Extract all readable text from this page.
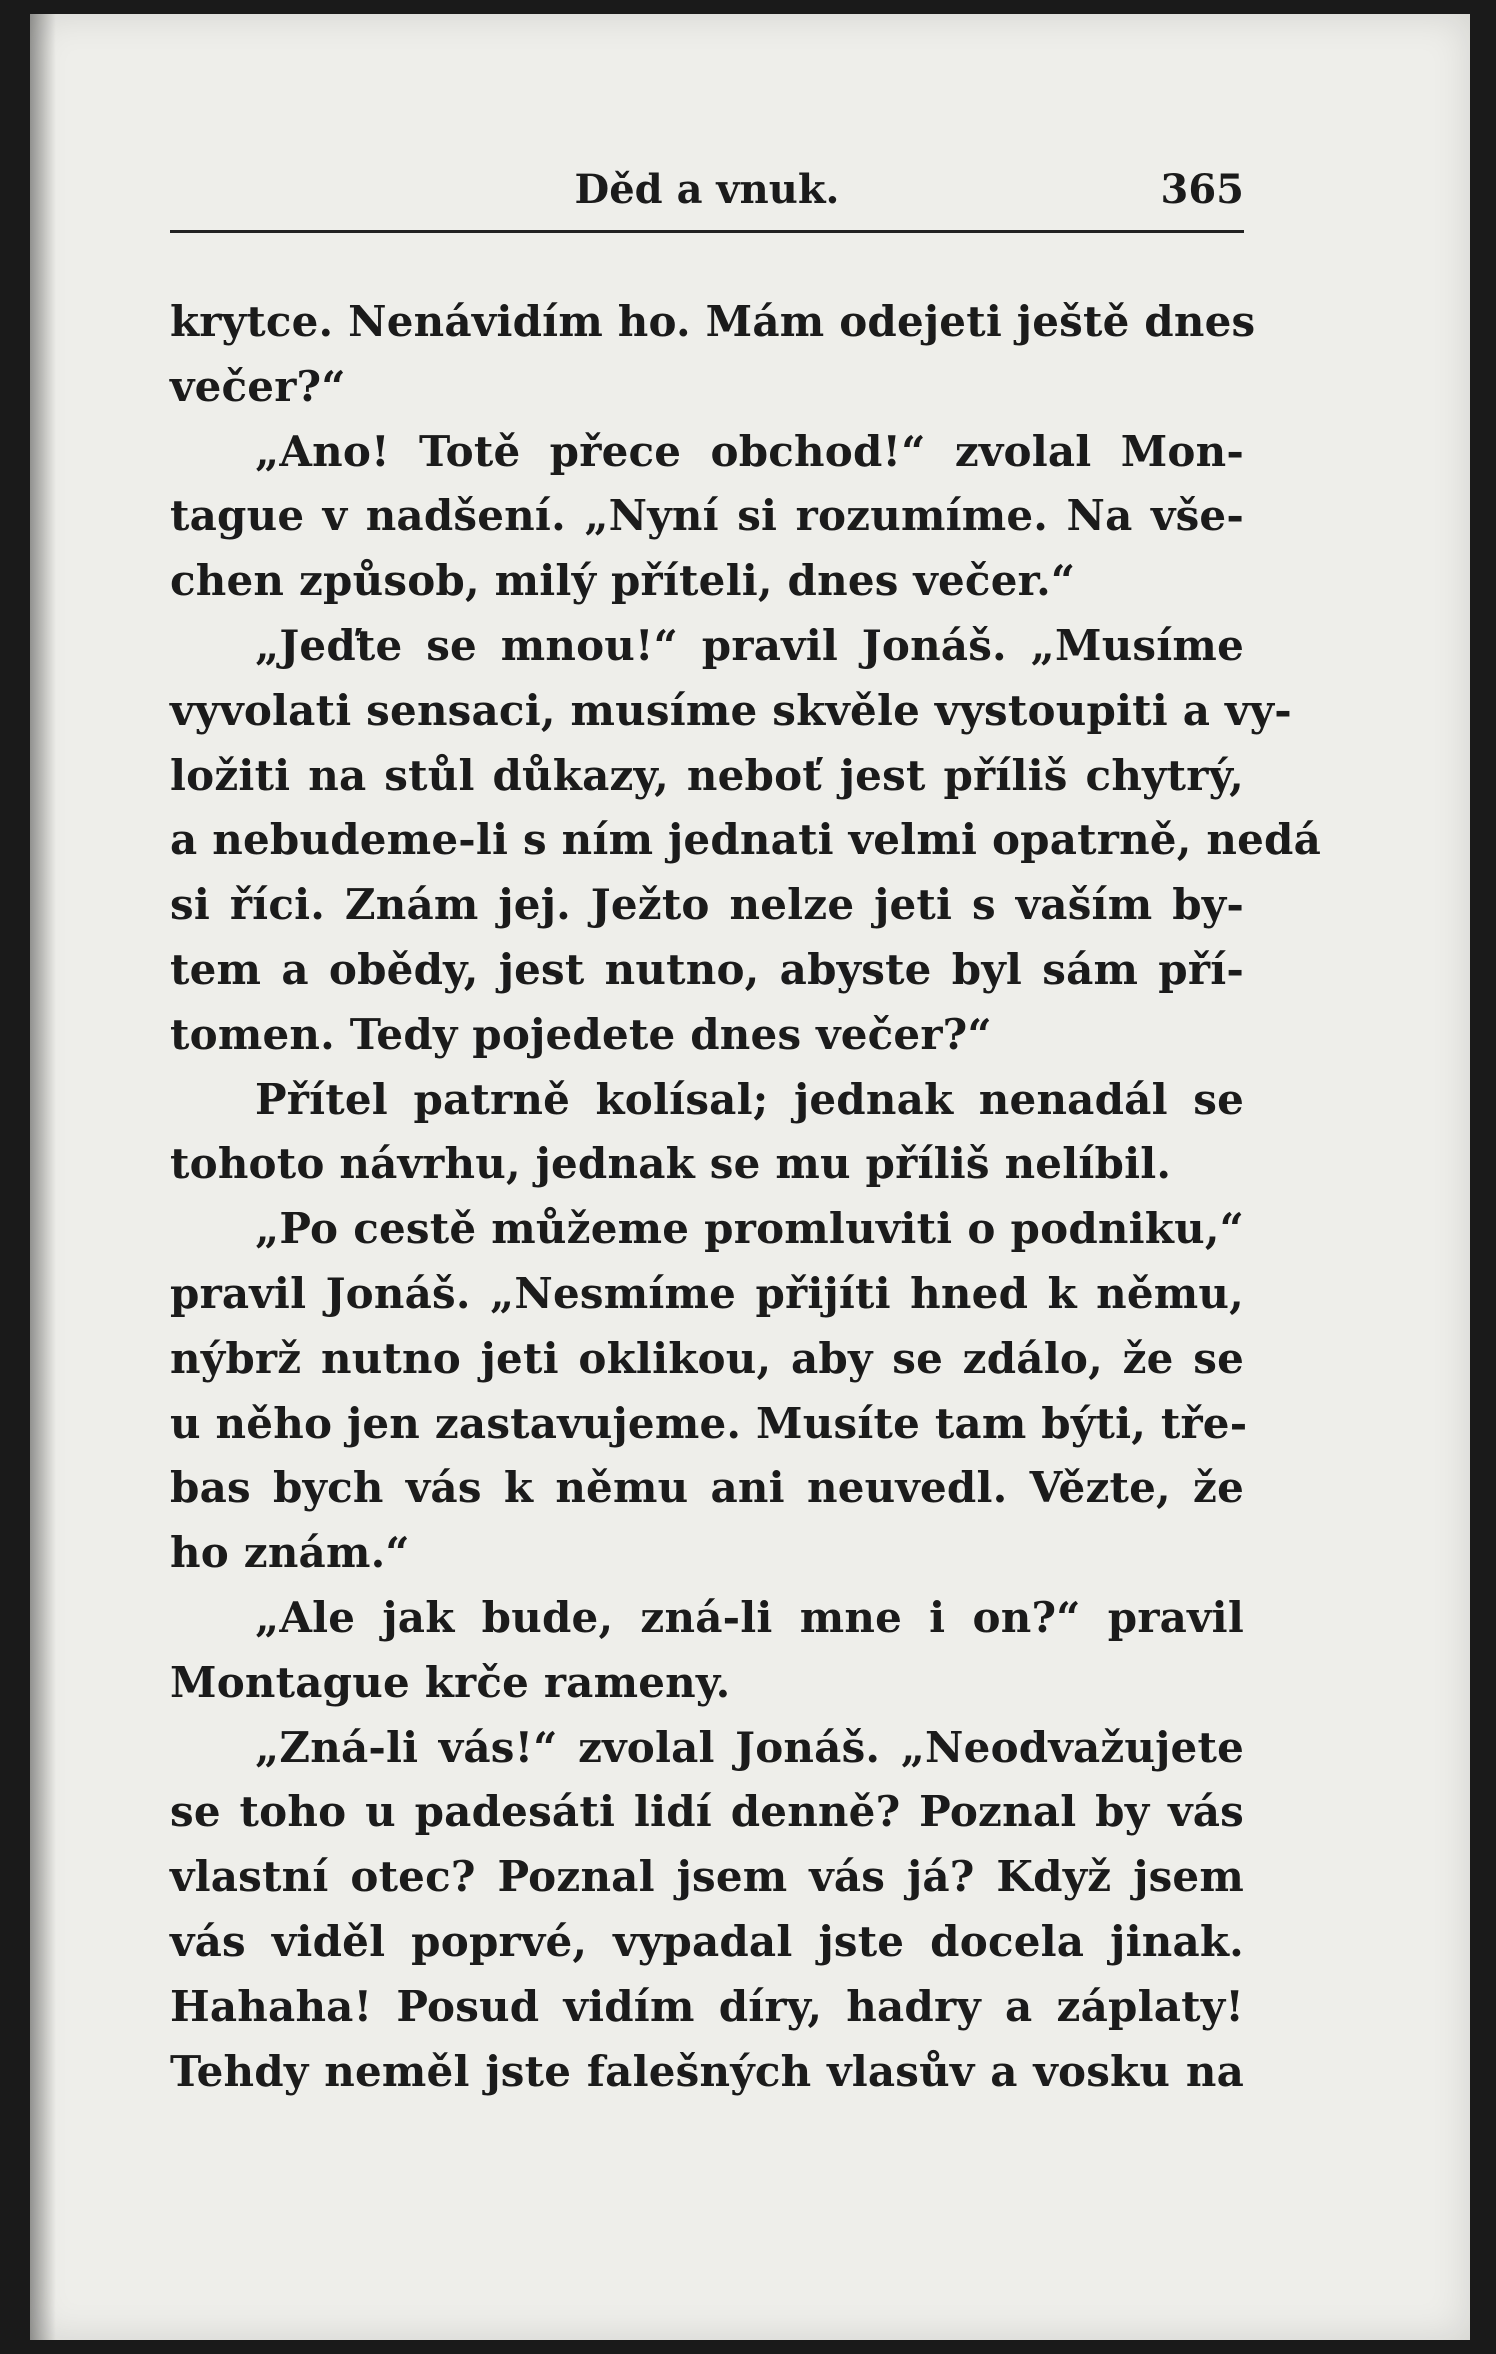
Děd a vnuk.	365
krytce. Nenávidím ho. Mám odejeti ještě dnes
večer?“
„Ano! Totě přece obchod!“ zvolal Mon-
tague v nadšení. „Nyní si rozumíme. Na vše-
chen způsob, milý příteli, dnes večer.“
„Jeďte se mnou!“ pravil Jonáš. „Musíme
vyvolati sensaci, musíme skvěle vystoupiti a vy-
ložiti na stůl důkazy, neboť jest příliš chytrý,
a nebudeme-li s ním jednati velmi opatrně, nedá
si říci. Znám jej. Ježto nelze jeti s vaším by-
tem a obědy, jest nutno, abyste byl sám pří-
tomen. Tedy pojedete dnes večer?“
Přítel patrně kolísal; jednak nenadál se
tohoto návrhu, jednak se mu příliš nelíbil.
„Po cestě můžeme promluviti o podniku,“
pravil Jonáš. „Nesmíme přijíti hned k němu,
nýbrž nutno jeti oklikou, aby se zdálo, že se
u něho jen zastavujeme. Musíte tam býti, tře-
bas bych vás k němu ani neuvedl. Vězte, že
ho znám.“
„Ale jak bude, zná-li mne i on?“ pravil
Montague krče rameny.
„Zná-li vás!“ zvolal Jonáš. „Neodvažujete
se toho u padesáti lidí denně? Poznal by vás
vlastní otec? Poznal jsem vás já? Když jsem
vás viděl poprvé, vypadal jste docela jinak.
Hahaha! Posud vidím díry, hadry a záplaty!
Tehdy neměl jste falešných vlasův a vosku na
